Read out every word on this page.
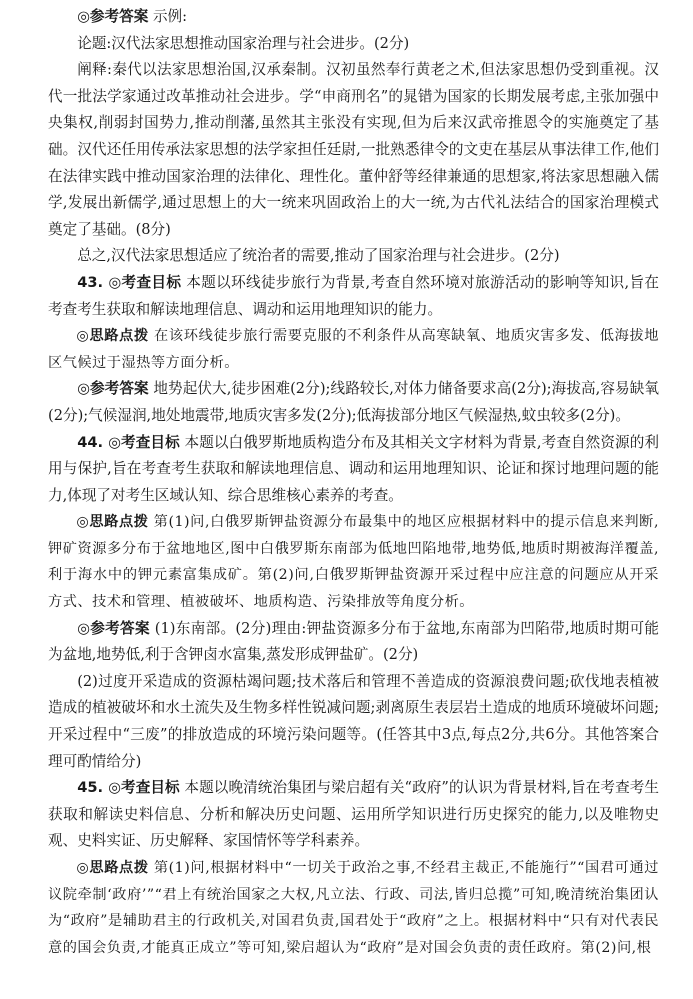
◎参考答案 示例:

论题:汉代法家思想推动国家治理与社会进步。(2分)

阐释:秦代以法家思想治国,汉承秦制。汉初虽然奉行黄老之术,但法家思想仍受到重视。汉代一批法学家通过改革推动社会进步。学“申商刑名”的晁错为国家的长期发展考虑,主张加强中央集权,削弱封国势力,推动削藩,虽然其主张没有实现,但为后来汉武帝推恩令的实施奠定了基础。汉代还任用传承法家思想的法学家担任廷尉,一批熟悉律令的文吏在基层从事法律工作,他们在法律实践中推动国家治理的法律化、理性化。董仲舒等经律兼通的思想家,将法家思想融入儒学,发展出新儒学,通过思想上的大一统来巩固政治上的大一统,为古代礼法结合的国家治理模式奠定了基础。(8分)

总之,汉代法家思想适应了统治者的需要,推动了国家治理与社会进步。(2分)

43. ◎考查目标 本题以环线徒步旅行为背景,考查自然环境对旅游活动的影响等知识,旨在考查考生获取和解读地理信息、调动和运用地理知识的能力。

◎思路点拨 在该环线徒步旅行需要克服的不利条件从高寒缺氧、地质灾害多发、低海拔地区气候过于湿热等方面分析。

◎参考答案 地势起伏大,徒步困难(2分);线路较长,对体力储备要求高(2分);海拔高,容易缺氧(2分);气候湿润,地处地震带,地质灾害多发(2分);低海拔部分地区气候湿热,蚊虫较多(2分)。

44. ◎考查目标 本题以白俄罗斯地质构造分布及其相关文字材料为背景,考查自然资源的利用与保护,旨在考查考生获取和解读地理信息、调动和运用地理知识、论证和探讨地理问题的能力,体现了对考生区域认知、综合思维核心素养的考查。

◎思路点拨 第(1)问,白俄罗斯钾盐资源分布最集中的地区应根据材料中的提示信息来判断,钾矿资源多分布于盆地地区,图中白俄罗斯东南部为低地凹陷地带,地势低,地质时期被海洋覆盖,利于海水中的钾元素富集成矿。第(2)问,白俄罗斯钾盐资源开采过程中应注意的问题应从开采方式、技术和管理、植被破坏、地质构造、污染排放等角度分析。

◎参考答案 (1)东南部。(2分)理由:钾盐资源多分布于盆地,东南部为凹陷带,地质时期可能为盆地,地势低,利于含钾卤水富集,蒸发形成钾盐矿。(2分)

(2)过度开采造成的资源枯竭问题;技术落后和管理不善造成的资源浪费问题;砍伐地表植被造成的植被破坏和水土流失及生物多样性锐减问题;剥离原生表层岩土造成的地质环境破坏问题;开采过程中“三废”的排放造成的环境污染问题等。(任答其中3点,每点2分,共6分。其他答案合理可酌情给分)

45. ◎考查目标 本题以晚清统治集团与梁启超有关“政府”的认识为背景材料,旨在考查考生获取和解读史料信息、分析和解决历史问题、运用所学知识进行历史探究的能力,以及唯物史观、史料实证、历史解释、家国情怀等学科素养。

◎思路点拨 第(1)问,根据材料中“一切关于政治之事,不经君主裁正,不能施行”“国君可通过议院牵制‘政府’”“君上有统治国家之大权,凡立法、行政、司法,皆归总揽”可知,晚清统治集团认为“政府”是辅助君主的行政机关,对国君负责,国君处于“政府”之上。根据材料中“只有对代表民意的国会负责,才能真正成立”等可知,梁启超认为“政府”是对国会负责的责任政府。第(2)问,根
